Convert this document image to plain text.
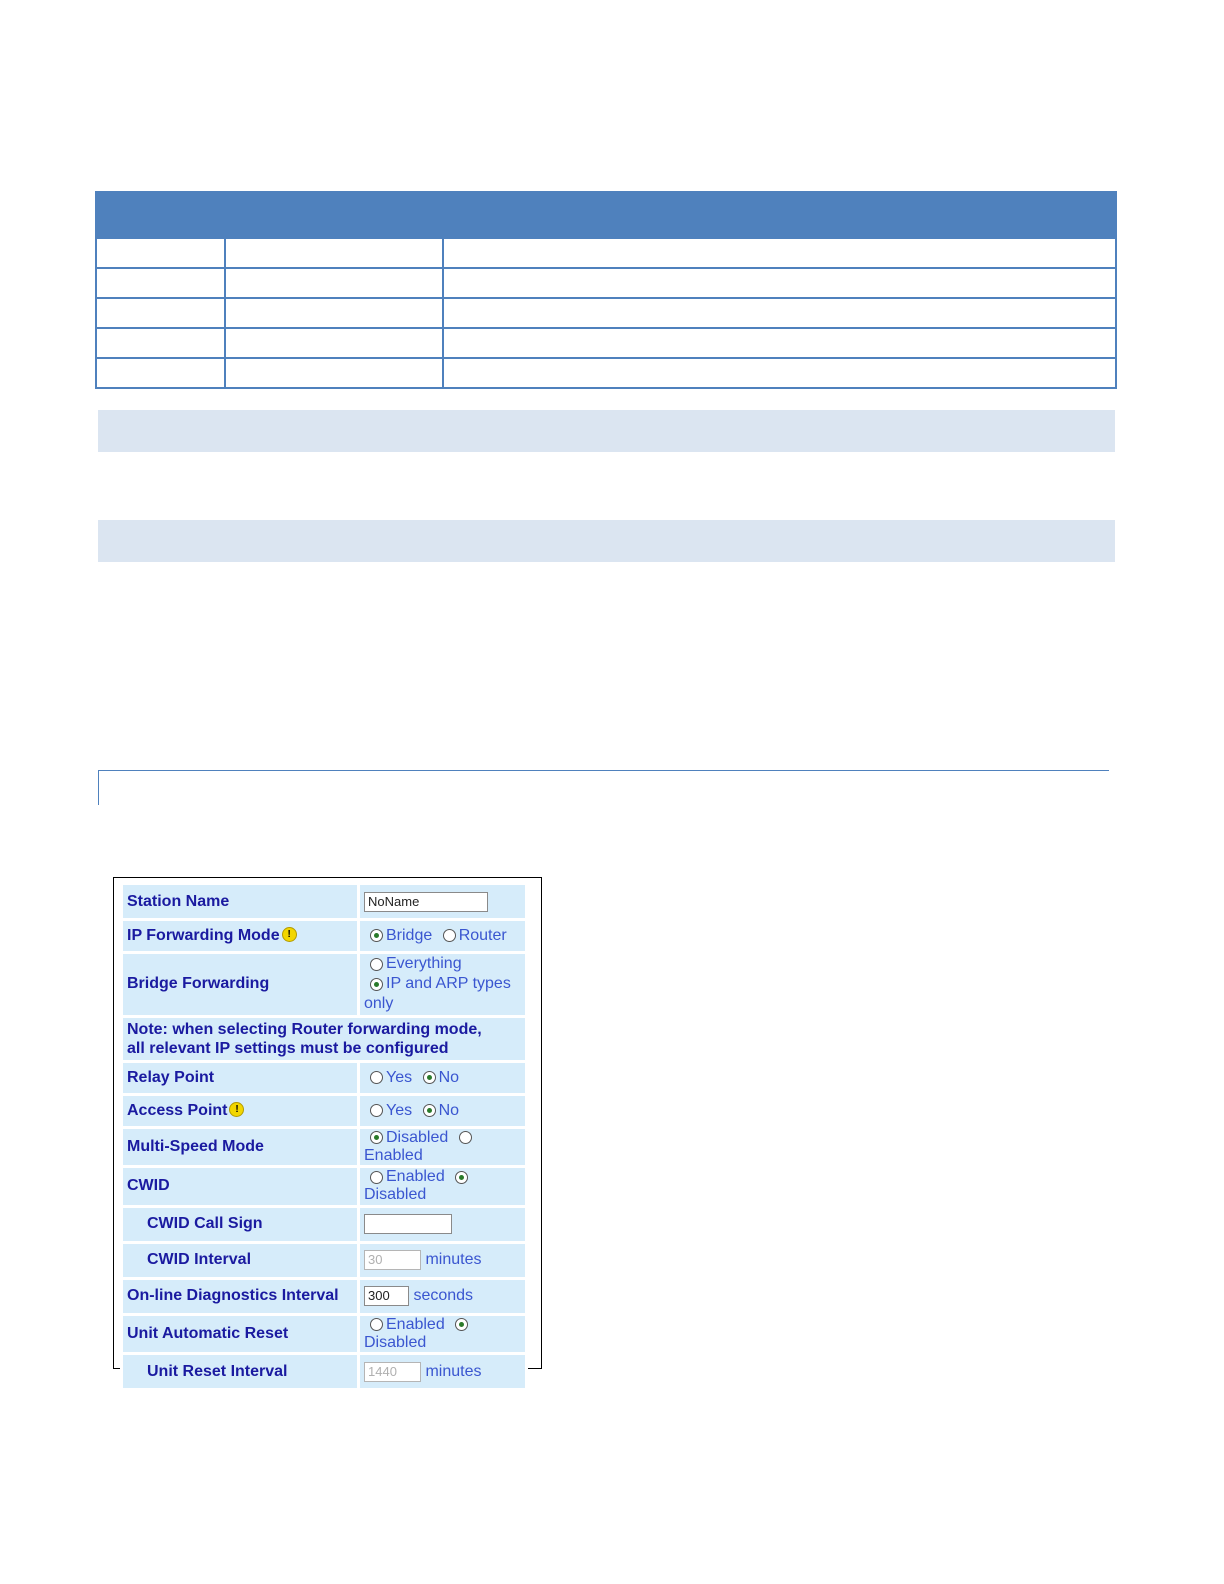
Station Name	NoName
IP Forwarding Mode !	Bridge Router
Bridge Forwarding	Everything
IP and ARP types only
Note: when selecting Router forwarding mode,
all relevant IP settings must be configured	
Relay Point	Yes No
Access Point !	Yes No
Multi-Speed Mode	Disabled Enabled
CWID	Enabled Disabled
CWID Call Sign	
CWID Interval	30 minutes
On-line Diagnostics Interval	300 seconds
Unit Automatic Reset	Enabled Disabled
Unit Reset Interval	1440 minutes
